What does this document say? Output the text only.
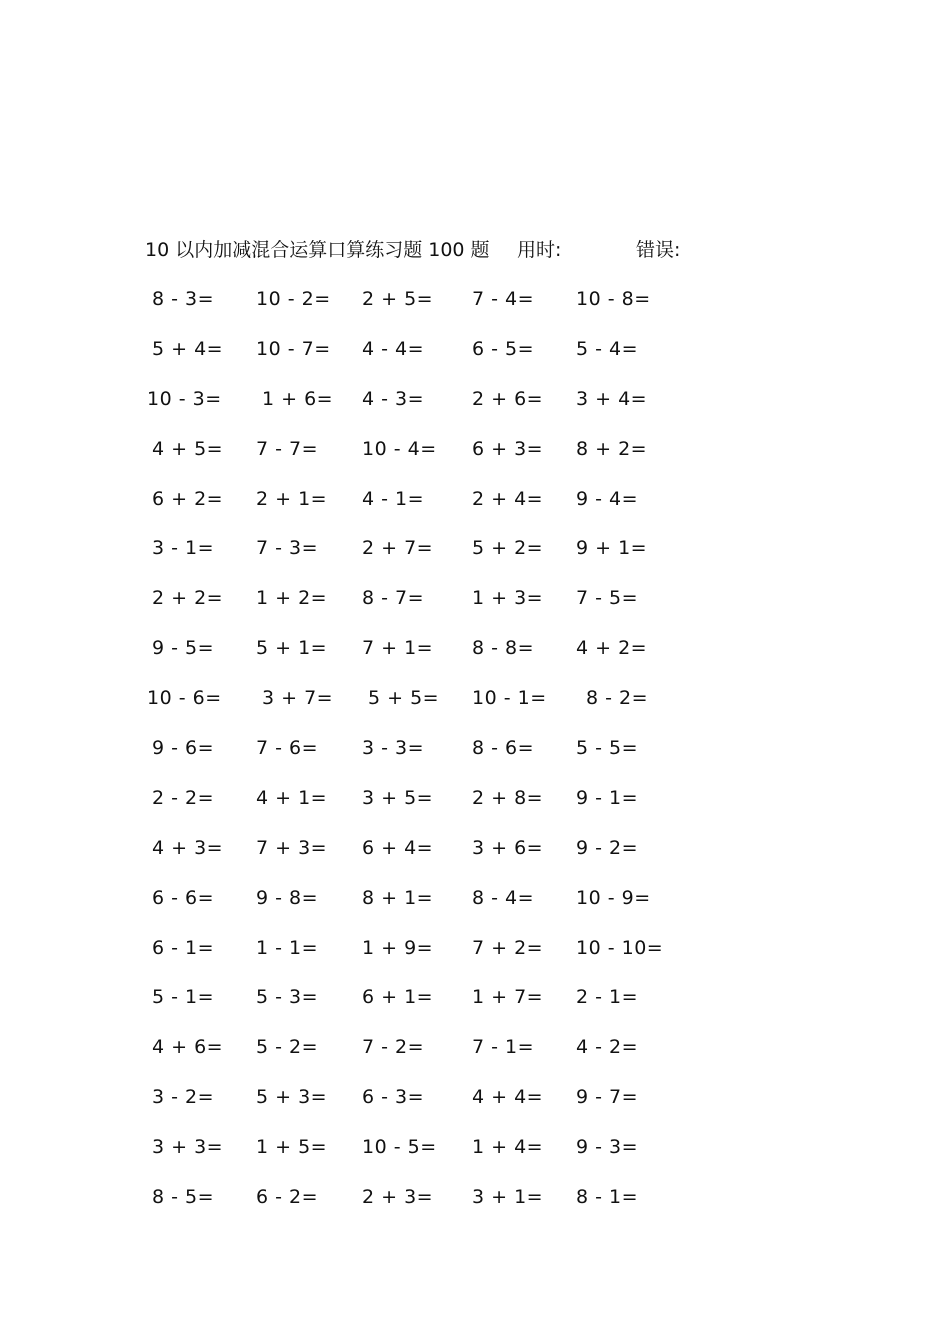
10 以内加减混合运算口算练习题 100 题 用时:	错误:
8 - 3= 10 - 2= 2 + 5= 7 - 4= 10 - 8=
5 + 4= 10 - 7= 4 - 4=	6 - 5= 5 - 4=
10 - 3= 1 + 6= 4 - 3=	2 + 6= 3 + 4=
4 + 5= 7 - 7= 10 - 4= 6 + 3= 8 + 2=
6 + 2= 2 + 1= 4 - 1=	2 + 4= 9 - 4=
3 - 1= 7 - 3= 2 + 7= 5 + 2= 9 + 1=
2 + 2= 1 + 2= 8 - 7=	1 + 3= 7 - 5=
9 - 5= 5 + 1= 7 + 1= 8 - 8= 4 + 2=
10 - 6= 3 + 7= 5 + 5= 10 - 1= 8 - 2=
9 - 6= 7 - 6= 3 - 3=	8 - 6= 5 - 5=
2 - 2= 4 + 1= 3 + 5= 2 + 8= 9 - 1=
4 + 3= 7 + 3= 6 + 4= 3 + 6= 9 - 2=
6 - 6= 9 - 8= 8 + 1= 8 - 4= 10 - 9=
6 - 1= 1 - 1= 1 + 9= 7 + 2= 10 - 10=
5 - 1= 5 - 3= 6 + 1= 1 + 7= 2 - 1=
4 + 6= 5 - 2= 7 - 2=	7 - 1= 4 - 2=
3 - 2= 5 + 3= 6 - 3=	4 + 4= 9 - 7=
3 + 3= 1 + 5= 10 - 5= 1 + 4= 9 - 3=
8 - 5= 6 - 2= 2 + 3= 3 + 1= 8 - 1=
